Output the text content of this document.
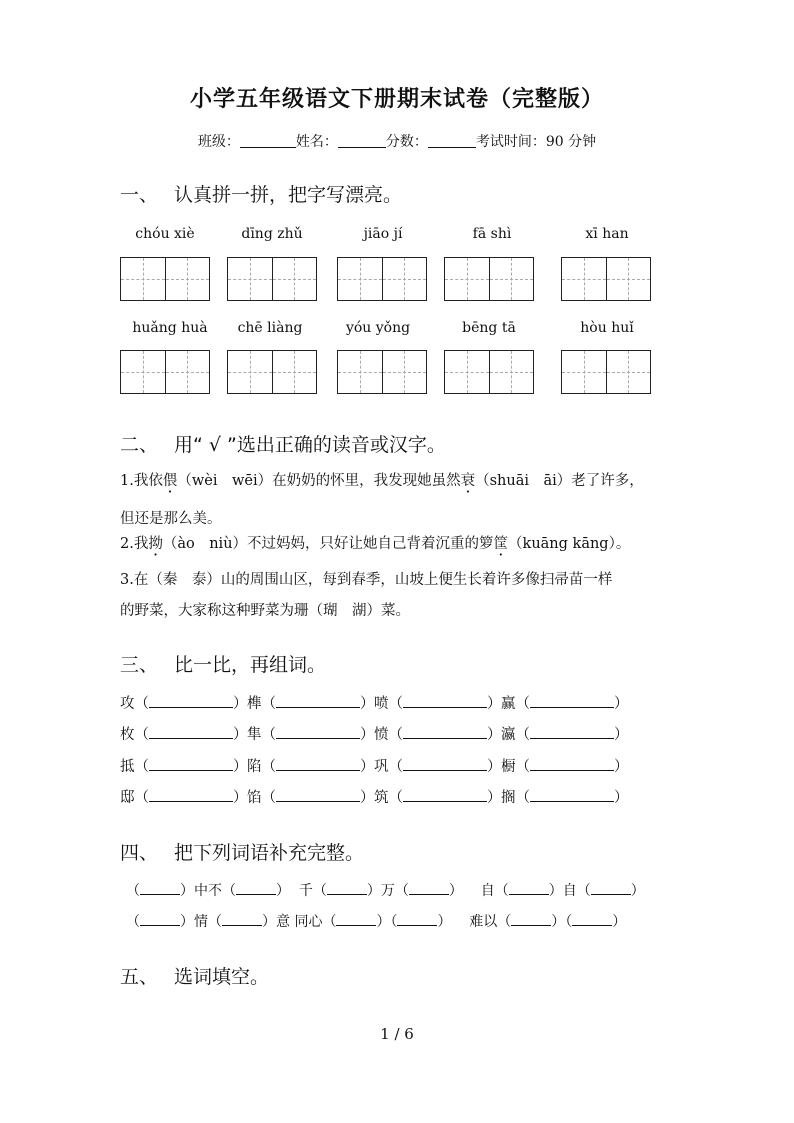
小学五年级语文下册期末试卷（完整版）
班级：	姓名：	分数：	考试时间：90 分钟
一、 认真拼一拼，把字写漂亮。
chóu xiè	dīng zhǔ	jiāo jí	fā shì	xī han
huǎng huà	chē liàng	yóu yǒng	bēng tā	hòu huǐ
二、 用“ √ ”选出正确的读音或汉字。
1.我依偎（wèi　wēi）在奶奶的怀里，我发现她虽然衰（shuāi　āi）老了许多，
但还是那么美。
2.我拗（ào　niù）不过妈妈，只好让她自己背着沉重的箩筐（kuāng kāng）。
3.在（秦　泰）山的周围山区，每到春季，山坡上便生长着许多像扫帚苗一样
的野菜，大家称这种野菜为珊（瑚　湖）菜。
三、 比一比，再组词。
攻（	）榫（	）喷（	）赢（	）
枚（	）隼（	）愤（	）瀛（	）
抵（	）陷（	）巩（	）橱（	）
邸（	）馅（	）筑（	）搁（	）
四、 把下列词语补充完整。
（	）中不（	） 千（	）万（	） 自（	）自（	）
（	）情（	）意 同心（	）（	） 难以（	）（	）
五、 选词填空。
1 / 6
